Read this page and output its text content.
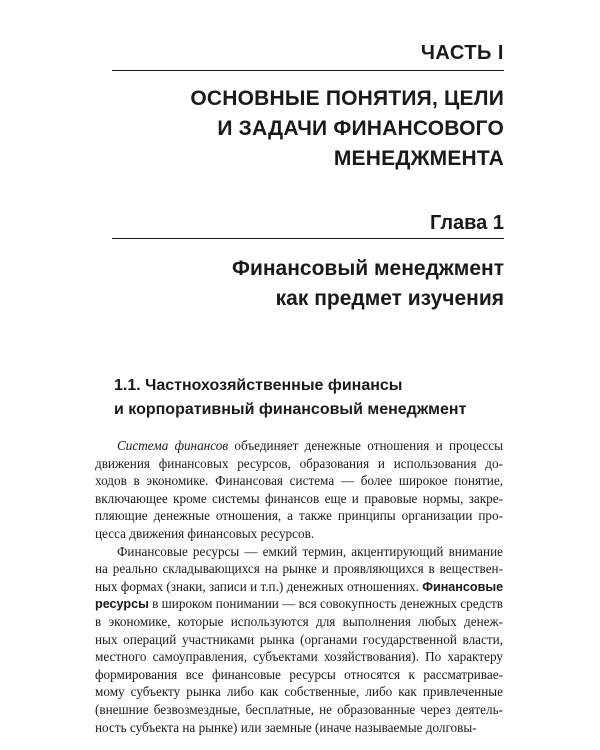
ЧАСТЬ I
ОСНОВНЫЕ ПОНЯТИЯ, ЦЕЛИ
И ЗАДАЧИ ФИНАНСОВОГО
МЕНЕДЖМЕНТА
Глава 1
Финансовый менеджмент
как предмет изучения
1.1. Частнохозяйственные финансы
и корпоративный финансовый менеджмент
Система финансов объединяет денежные отношения и процессы
движения финансовых ресурсов, образования и использования до-
ходов в экономике. Финансовая система — более широкое понятие,
включающее кроме системы финансов еще и правовые нормы, закре-
пляющие денежные отношения, а также принципы организации про-
цесса движения финансовых ресурсов.
Финансовые ресурсы — емкий термин, акцентирующий внимание
на реально складывающихся на рынке и проявляющихся в веществен-
ных формах (знаки, записи и т.п.) денежных отношениях. Финансовые
ресурсы в широком понимании — вся совокупность денежных средств
в экономике, которые используются для выполнения любых денеж-
ных операций участниками рынка (органами государственной власти,
местного самоуправления, субъектами хозяйствования). По характеру
формирования все финансовые ресурсы относятся к рассматривае-
мому субъекту рынка либо как собственные, либо как привлеченные
(внешние безвозмездные, бесплатные, не образованные через деятель-
ность субъекта на рынке) или заемные (иначе называемые долговы-
